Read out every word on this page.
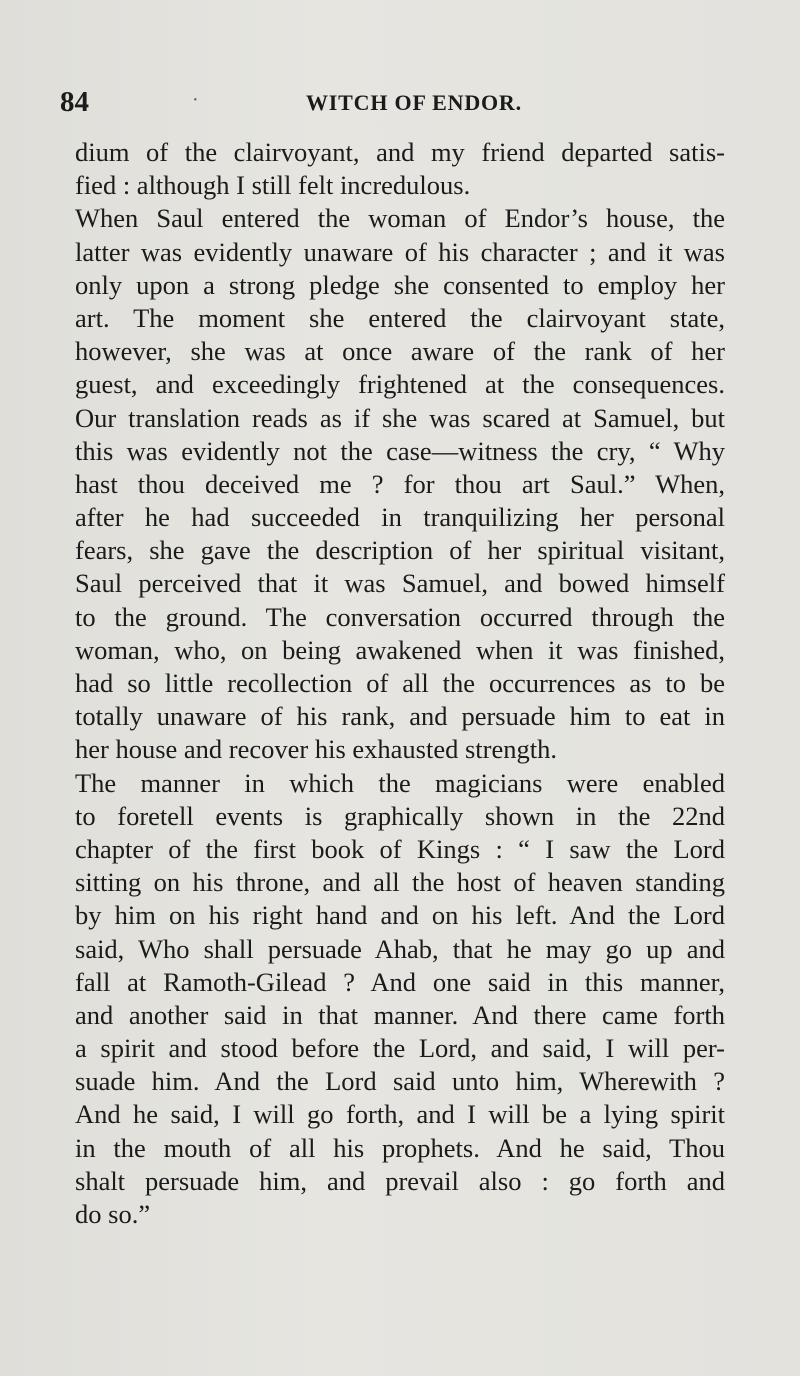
84	·	WITCH OF ENDOR.
dium of the clairvoyant, and my friend departed satis-
fied : although I still felt incredulous.
When Saul entered the woman of Endor’s house, the
latter was evidently unaware of his character ; and it was
only upon a strong pledge she consented to employ her
art. The moment she entered the clairvoyant state,
however, she was at once aware of the rank of her
guest, and exceedingly frightened at the consequences.
Our translation reads as if she was scared at Samuel, but
this was evidently not the case—witness the cry, “ Why
hast thou deceived me ? for thou art Saul.” When,
after he had succeeded in tranquilizing her personal
fears, she gave the description of her spiritual visitant,
Saul perceived that it was Samuel, and bowed himself
to the ground. The conversation occurred through the
woman, who, on being awakened when it was finished,
had so little recollection of all the occurrences as to be
totally unaware of his rank, and persuade him to eat in
her house and recover his exhausted strength.
The manner in which the magicians were enabled
to foretell events is graphically shown in the 22nd
chapter of the first book of Kings : “ I saw the Lord
sitting on his throne, and all the host of heaven standing
by him on his right hand and on his left. And the Lord
said, Who shall persuade Ahab, that he may go up and
fall at Ramoth-Gilead ? And one said in this manner,
and another said in that manner. And there came forth
a spirit and stood before the Lord, and said, I will per-
suade him. And the Lord said unto him, Wherewith ?
And he said, I will go forth, and I will be a lying spirit
in the mouth of all his prophets. And he said, Thou
shalt persuade him, and prevail also : go forth and
do so.”
